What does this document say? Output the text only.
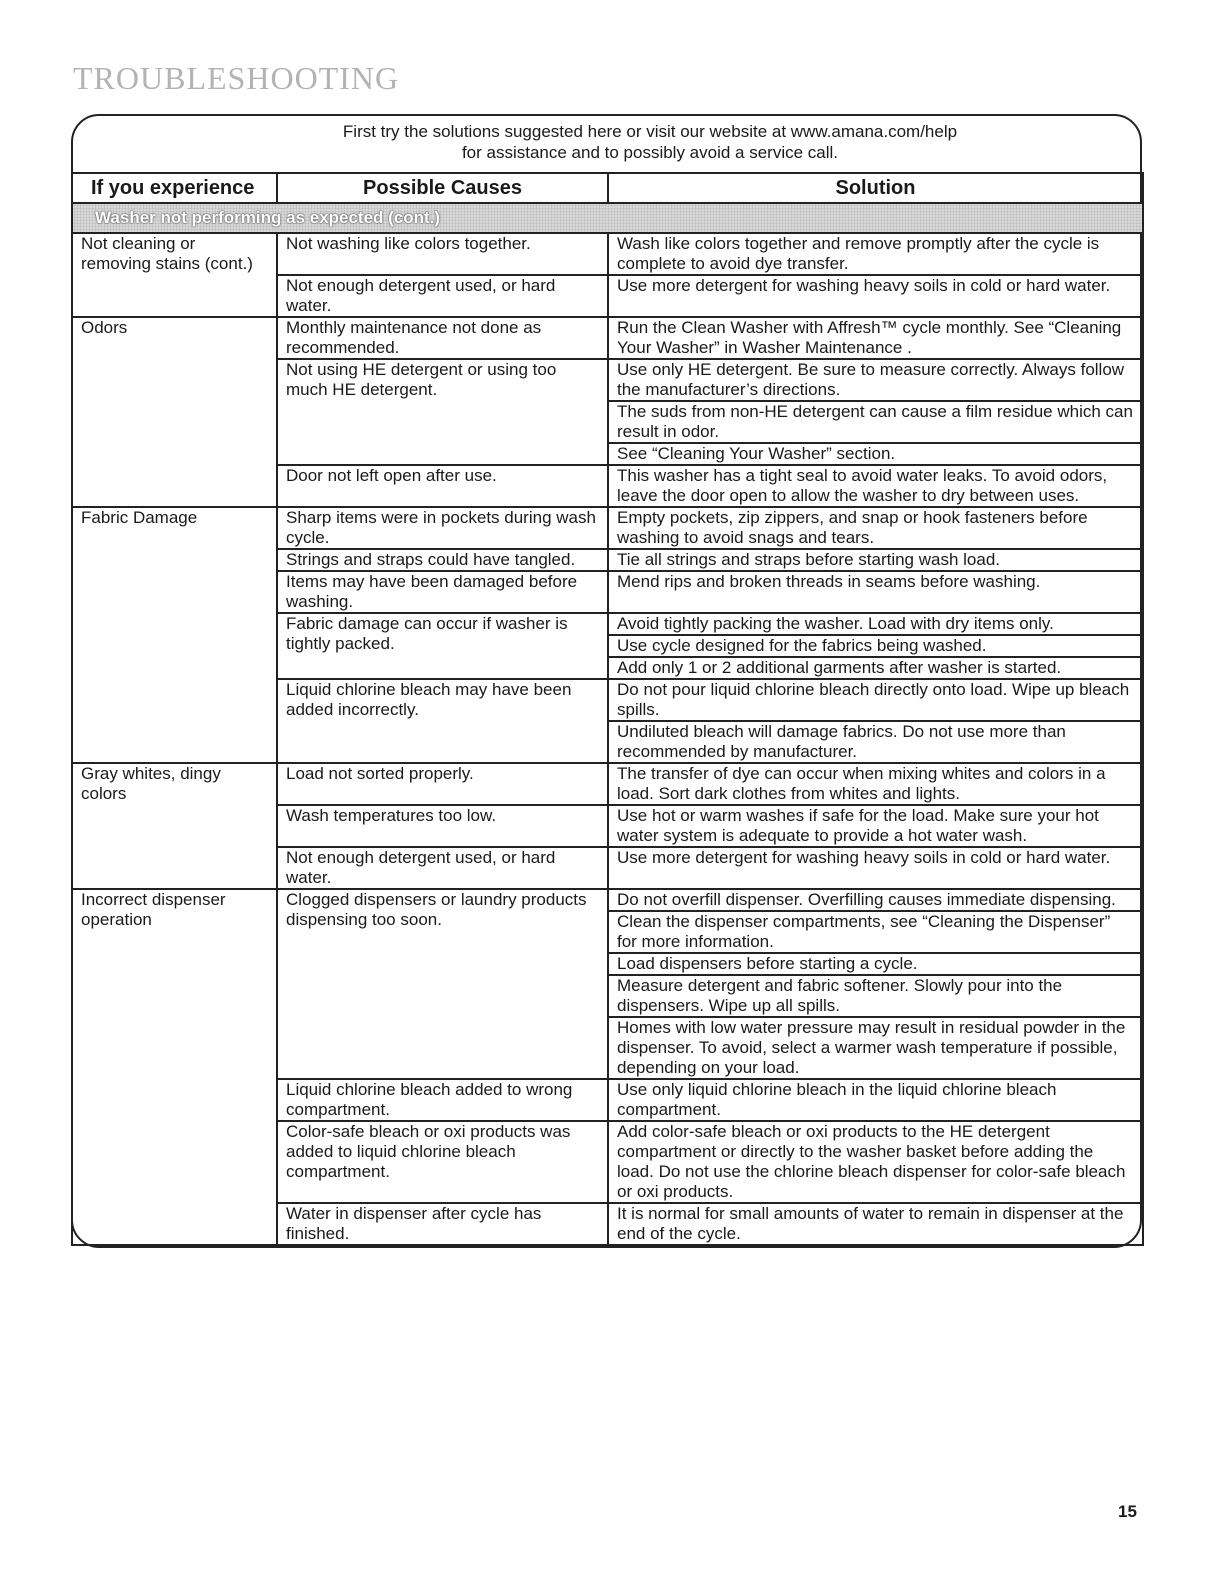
TROUBLESHOOTING
First try the solutions suggested here or visit our website at www.amana.com/help
for assistance and to possibly avoid a service call.
If you experience	Possible Causes	Solution
Washer not performing as expected (cont.)		
Not cleaning or removing stains (cont.)	Not washing like colors together.	Wash like colors together and remove promptly after the cycle is complete to avoid dye transfer.
	Not enough detergent used, or hard water.	Use more detergent for washing heavy soils in cold or hard water.
Odors	Monthly maintenance not done as recommended.	Run the Clean Washer with Affresh™ cycle monthly. See “Cleaning Your Washer” in Washer Maintenance .
	Not using HE detergent or using too much HE detergent.	Use only HE detergent. Be sure to measure correctly. Always follow the manufacturer’s directions.
		The suds from non-HE detergent can cause a film residue which can result in odor.
		See “Cleaning Your Washer” section.
	Door not left open after use.	This washer has a tight seal to avoid water leaks. To avoid odors, leave the door open to allow the washer to dry between uses.
Fabric Damage	Sharp items were in pockets during wash cycle.	Empty pockets, zip zippers, and snap or hook fasteners before washing to avoid snags and tears.
	Strings and straps could have tangled.	Tie all strings and straps before starting wash load.
	Items may have been damaged before washing.	Mend rips and broken threads in seams before washing.
	Fabric damage can occur if washer is tightly packed.	Avoid tightly packing the washer. Load with dry items only.
		Use cycle designed for the fabrics being washed.
		Add only 1 or 2 additional garments after washer is started.
	Liquid chlorine bleach may have been added incorrectly.	Do not pour liquid chlorine bleach directly onto load. Wipe up bleach spills.
		Undiluted bleach will damage fabrics. Do not use more than recommended by manufacturer.
Gray whites, dingy colors	Load not sorted properly.	The transfer of dye can occur when mixing whites and colors in a load. Sort dark clothes from whites and lights.
	Wash temperatures too low.	Use hot or warm washes if safe for the load. Make sure your hot water system is adequate to provide a hot water wash.
	Not enough detergent used, or hard water.	Use more detergent for washing heavy soils in cold or hard water.
Incorrect dispenser operation	Clogged dispensers or laundry products dispensing too soon.	Do not overfill dispenser. Overfilling causes immediate dispensing.
		Clean the dispenser compartments, see “Cleaning the Dispenser” for more information.
		Load dispensers before starting a cycle.
		Measure detergent and fabric softener. Slowly pour into the dispensers. Wipe up all spills.
		Homes with low water pressure may result in residual powder in the dispenser. To avoid, select a warmer wash temperature if possible, depending on your load.
	Liquid chlorine bleach added to wrong compartment.	Use only liquid chlorine bleach in the liquid chlorine bleach compartment.
	Color-safe bleach or oxi products was added to liquid chlorine bleach compartment.	Add color-safe bleach or oxi products to the HE detergent compartment or directly to the washer basket before adding the load. Do not use the chlorine bleach dispenser for color-safe bleach or oxi products.
	Water in dispenser after cycle has finished.	It is normal for small amounts of water to remain in dispenser at the end of the cycle.
15
